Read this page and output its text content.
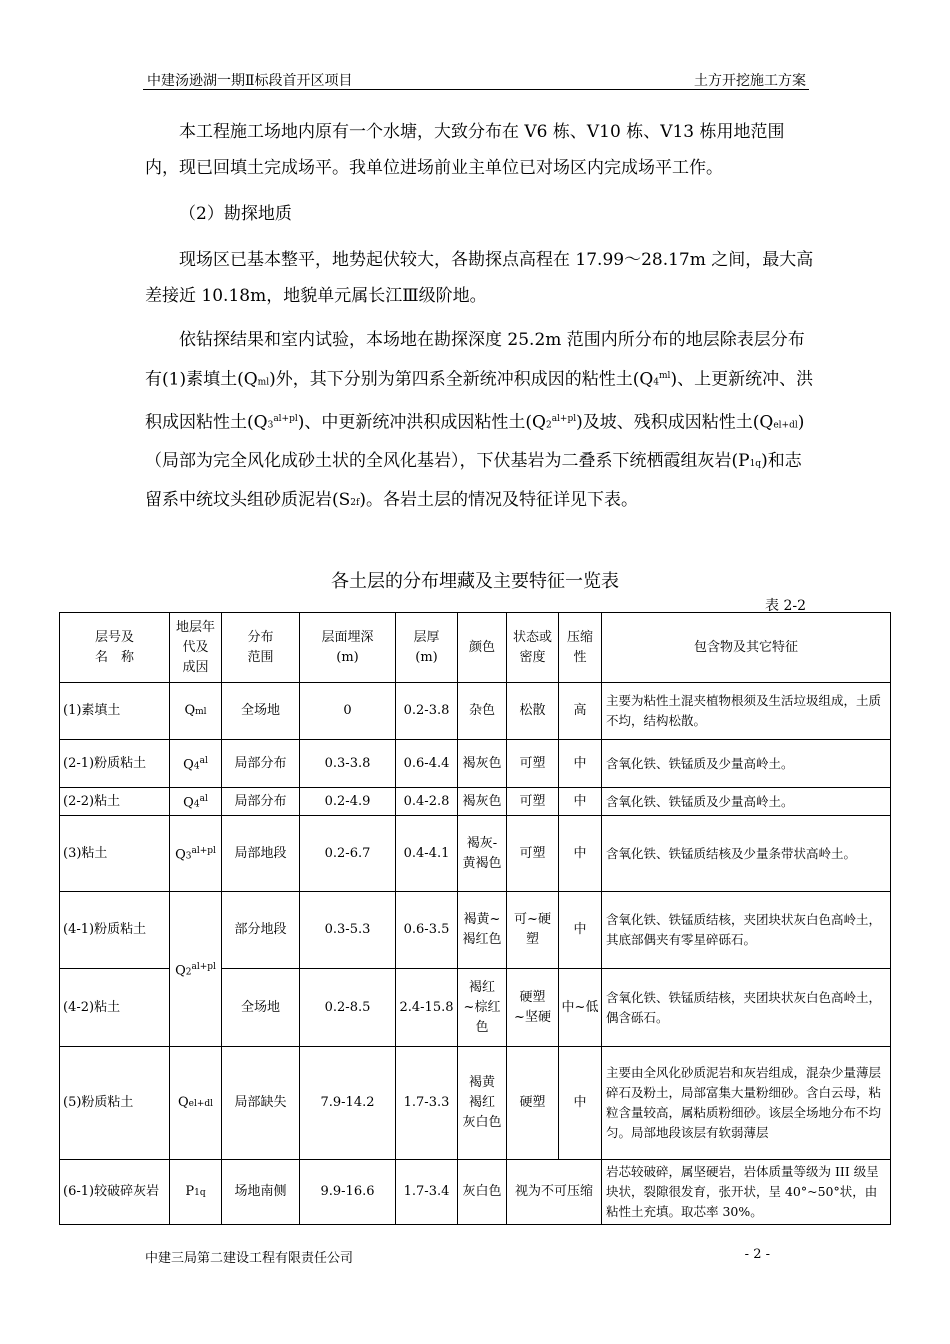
中建汤逊湖一期Ⅱ标段首开区项目	土方开挖施工方案
本工程施工场地内原有一个水塘，大致分布在 V6 栋、V10 栋、V13 栋用地范围内，现已回填土完成场平。我单位进场前业主单位已对场区内完成场平工作。
（2）勘探地质
现场区已基本整平，地势起伏较大，各勘探点高程在 17.99～28.17m 之间，最大高差接近 10.18m，地貌单元属长江Ⅲ级阶地。
依钻探结果和室内试验，本场地在勘探深度 25.2m 范围内所分布的地层除表层分布有(1)素填土(Qml)外，其下分别为第四系全新统冲积成因的粘性土$(Q4^{ml})$、上更新统冲、洪积成因粘性土$(Q3^{al+pl})$、中更新统冲洪积成因粘性土$(Q2^{al+pl})$及坡、残积成因粘性土(Qel+dl)（局部为完全风化成砂土状的全风化基岩），下伏基岩为二叠系下统栖霞组灰岩(P1q)和志留系中统坟头组砂质泥岩(S2f)。各岩土层的情况及特征详见下表。
各土层的分布埋藏及主要特征一览表
表 2-2
层号及
名　称	地层年
代及
成因	分布
范围	层面埋深
(m)	层厚
(m)	颜色	状态或
密度	压缩
性	包含物及其它特征
(1)素填土	Qml	全场地	0	0.2-3.8	杂色	松散	高	主要为粘性土混夹植物根须及生活垃圾组成，土质不均，结构松散。
(2-1)粉质粘土	$Q4^{al}$	局部分布	0.3-3.8	0.6-4.4	褐灰色	可塑	中	含氧化铁、铁锰质及少量高岭土。
(2-2)粘土	$Q4^{al}$	局部分布	0.2-4.9	0.4-2.8	褐灰色	可塑	中	含氧化铁、铁锰质及少量高岭土。
(3)粘土	$Q3^{al+pl}$	局部地段	0.2-6.7	0.4-4.1	褐灰-
黄褐色	可塑	中	含氧化铁、铁锰质结核及少量条带状高岭土。
(4-1)粉质粘土	$Q2^{al+pl}$	部分地段	0.3-5.3	0.6-3.5	褐黄~
褐红色	可~硬
塑	中	含氧化铁、铁锰质结核，夹团块状灰白色高岭土，其底部偶夹有零星碎砾石。
(4-2)粘土		全场地	0.2-8.5	2.4-15.8	褐红
~棕红
色	硬塑
~坚硬	中~低	含氧化铁、铁锰质结核，夹团块状灰白色高岭土，偶含砾石。
(5)粉质粘土	Qel+dl	局部缺失	7.9-14.2	1.7-3.3	褐黄
褐红
灰白色	硬塑	中	主要由全风化砂质泥岩和灰岩组成，混杂少量薄层碎石及粉土，局部富集大量粉细砂。含白云母，粘粒含量较高，属粘质粉细砂。该层全场地分布不均匀。局部地段该层有软弱薄层
(6-1)较破碎灰岩	P1q	场地南侧	9.9-16.6	1.7-3.4	灰白色	视为不可压缩		岩芯较破碎，属坚硬岩，岩体质量等级为 III 级呈块状，裂隙很发育，张开状，呈 40°~50°状，由粘性土充填。取芯率 30%。
中建三局第二建设工程有限责任公司	- 2 -
